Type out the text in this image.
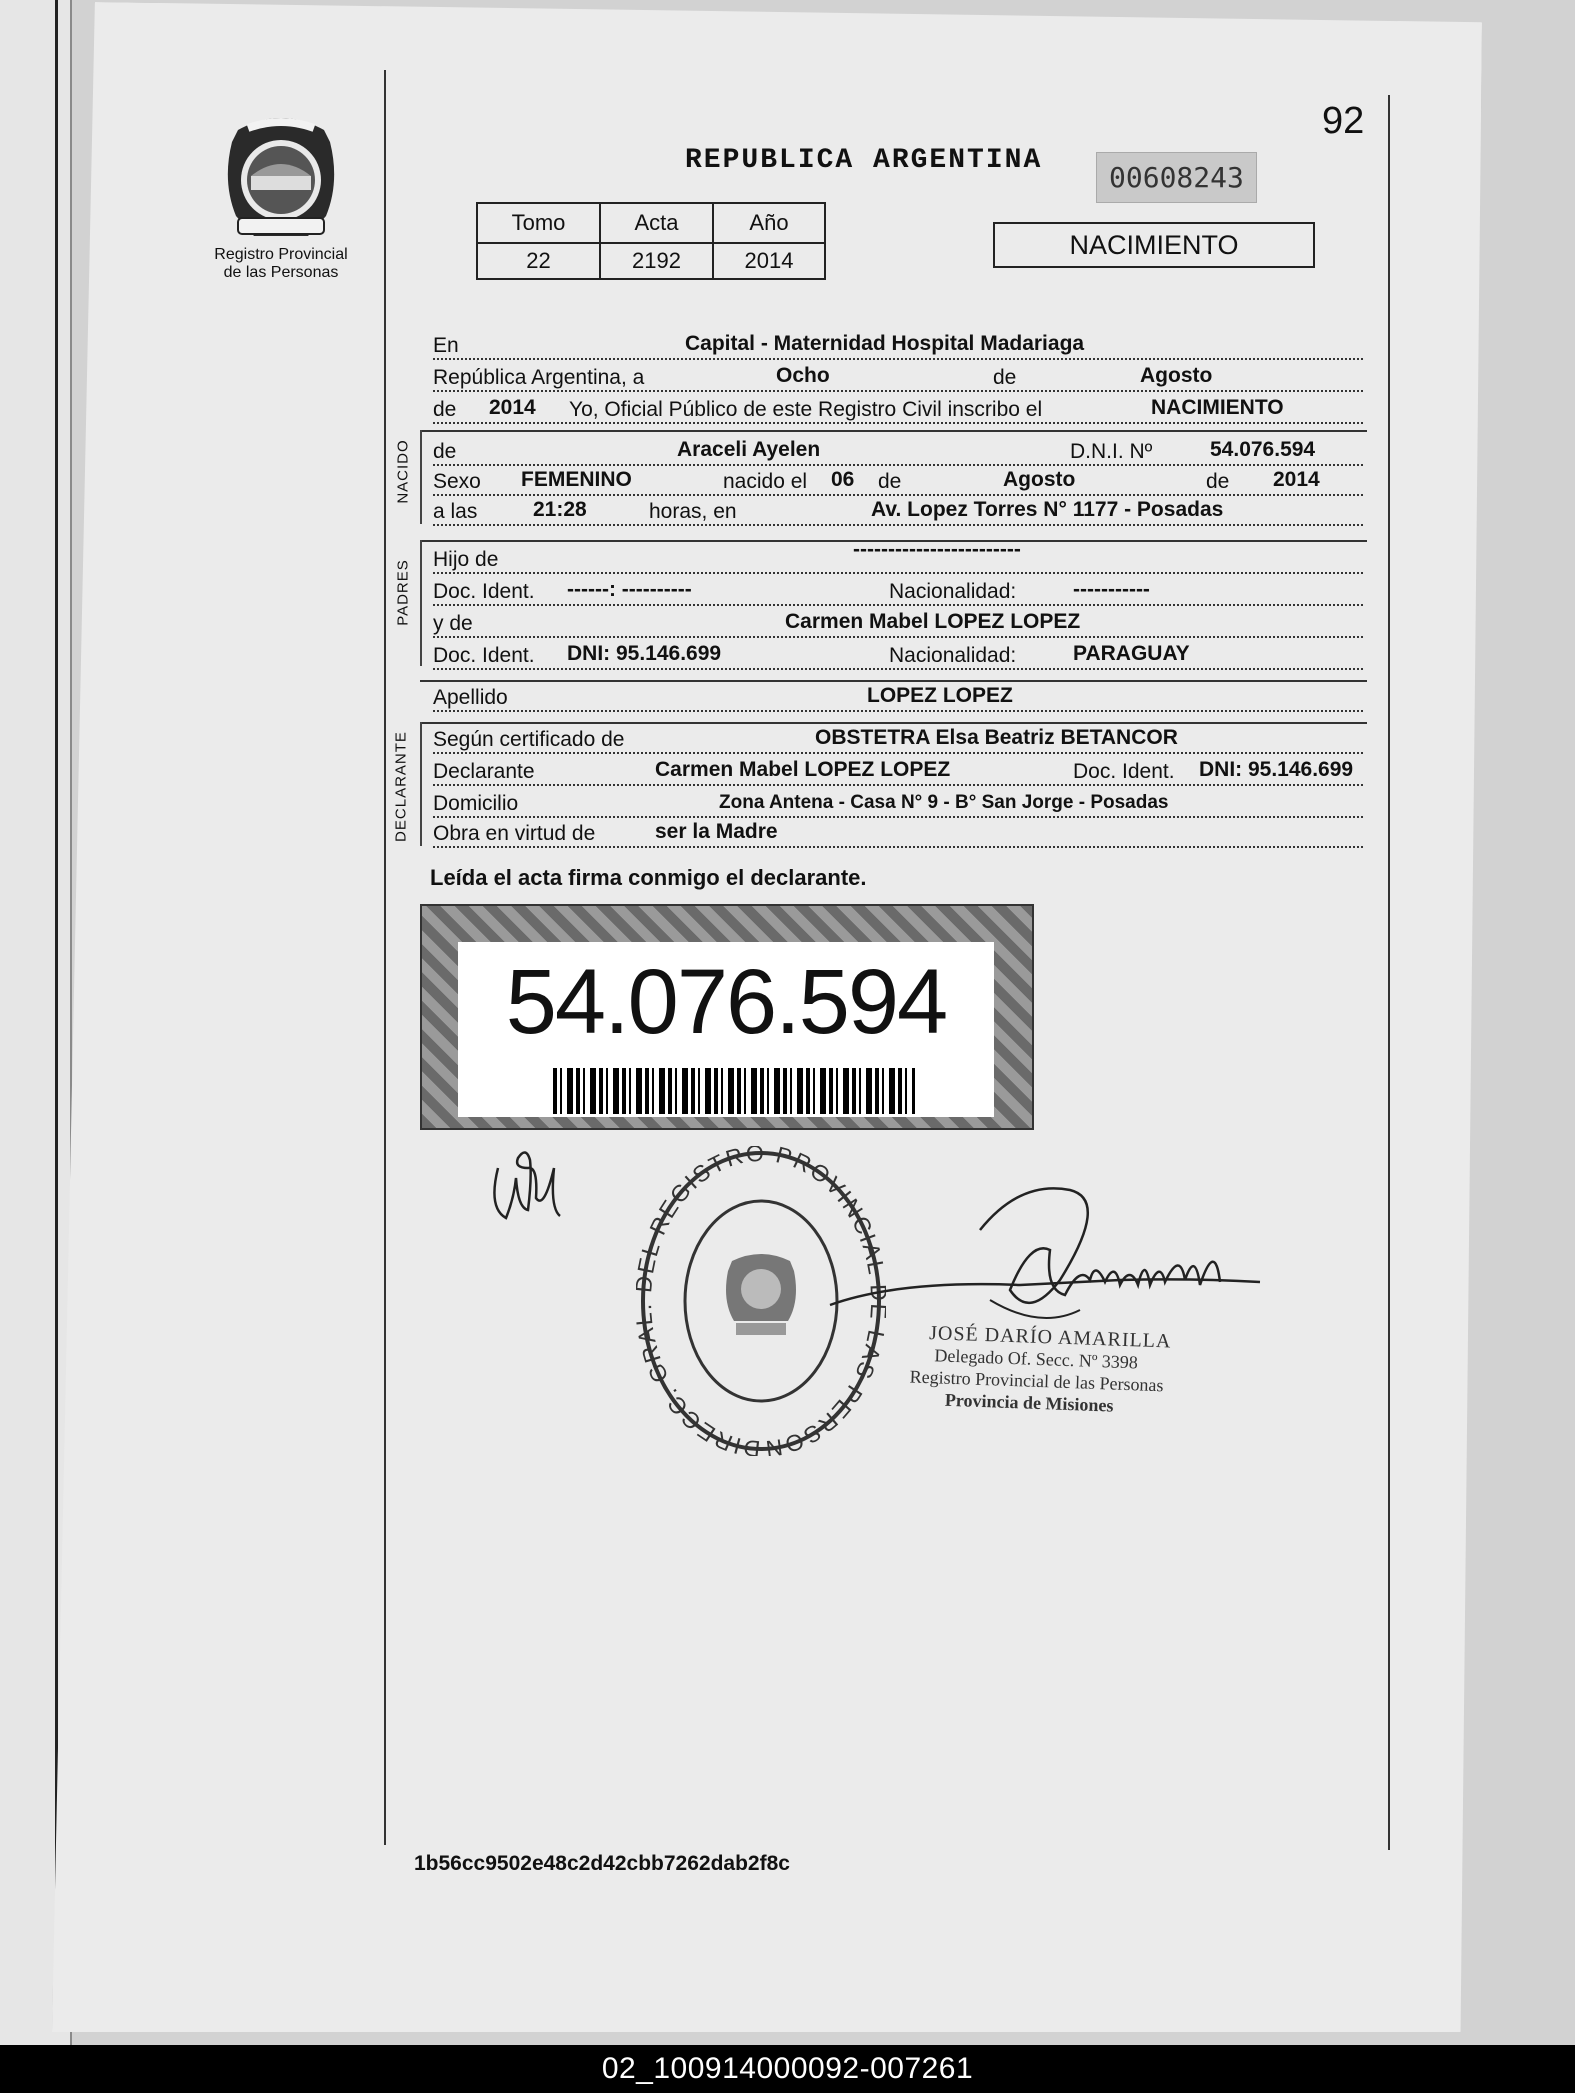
92
Registro Provincial
de las Personas
REPUBLICA ARGENTINA
00608243
Tomo	Acta	Año
22	2192	2014
NACIMIENTO
En	Capital - Maternidad Hospital Madariaga
República Argentina, a	Ocho	de	Agosto
de 2014 Yo, Oficial Público de este Registro Civil inscribo el	NACIMIENTO
NACIDO de	Araceli Ayelen	D.N.I. Nº	54.076.594
Sexo FEMENINO	nacido el 06 de	Agosto	de 2014
a las	21:28	horas, en	Av. Lopez Torres N° 1177 - Posadas
PADRES Hijo de	------------------------
Doc. Ident. ------: ----------	Nacionalidad:	-----------
y de	Carmen Mabel LOPEZ LOPEZ
Doc. Ident. DNI: 95.146.699	Nacionalidad:	PARAGUAY
Apellido	LOPEZ LOPEZ
DECLARANTE Según certificado de	OBSTETRA Elsa Beatriz BETANCOR
Declarante	Carmen Mabel LOPEZ LOPEZ	Doc. Ident. DNI: 95.146.699
Domicilio	Zona Antena - Casa N° 9 - B° San Jorge - Posadas
Obra en virtud de	ser la Madre
Leída el acta firma conmigo el declarante.
54.076.594
DIRECC. GR L REGISTRO PROVINCIA AS PERSON
JOSÉ DARÍO AMARILLA
Delegado Of. Secc. Nº 3398
Registro Provincial de las Personas
Provincia de Misiones
1b56cc9502e48c2d42cbb7262dab2f8c
02_100914000092-007261
